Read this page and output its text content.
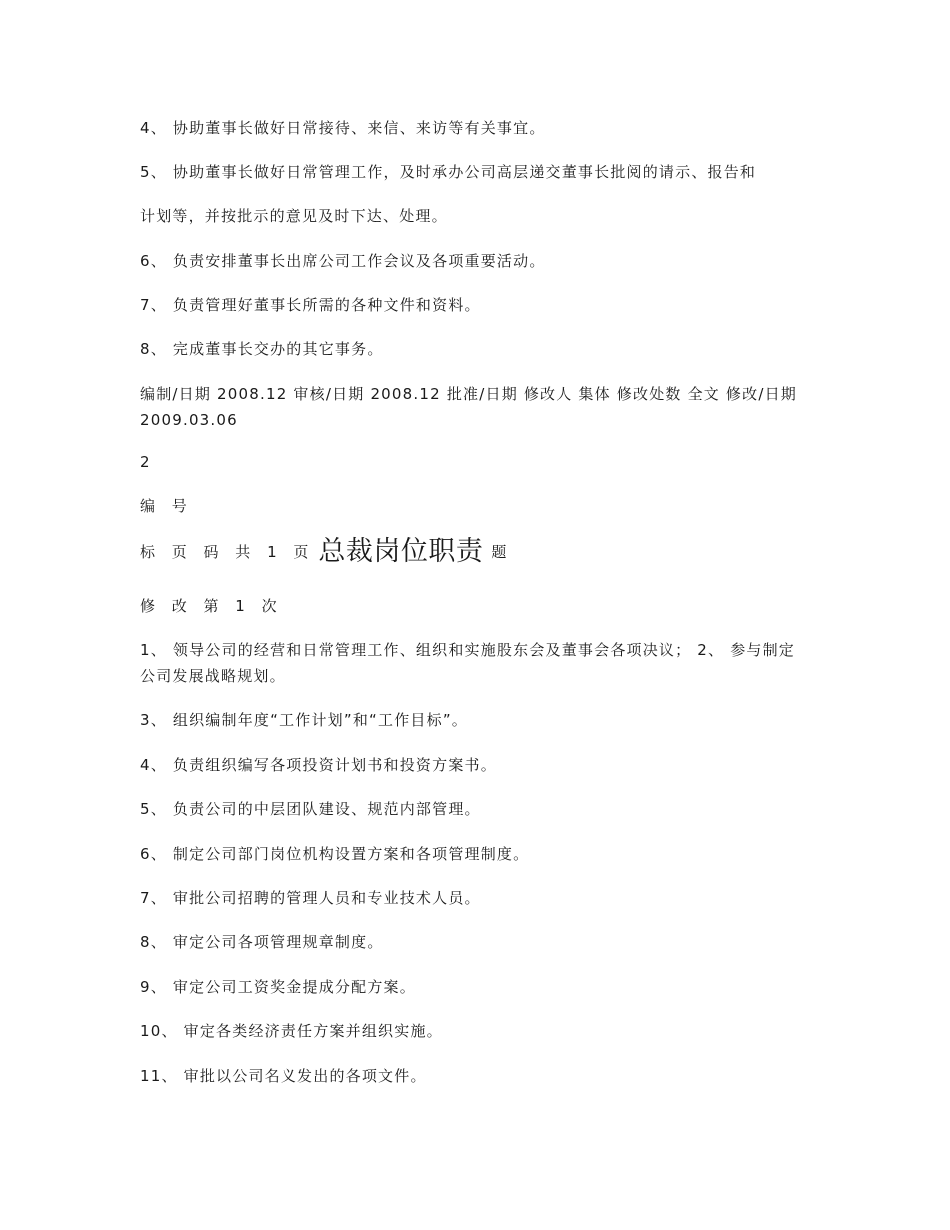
4、 协助董事长做好日常接待、来信、来访等有关事宜。
5、 协助董事长做好日常管理工作，及时承办公司高层递交董事长批阅的请示、报告和
计划等，并按批示的意见及时下达、处理。
6、 负责安排董事长出席公司工作会议及各项重要活动。
7、 负责管理好董事长所需的各种文件和资料。
8、 完成董事长交办的其它事务。
编制/日期 2008.12 审核/日期 2008.12 批准/日期 修改人 集体 修改处数 全文 修改/日期 2009.03.06
2
编 号
标 页 码 共 1 页 总裁岗位职责 题
修 改 第 1 次
1、 领导公司的经营和日常管理工作、组织和实施股东会及董事会各项决议； 2、 参与制定公司发展战略规划。
3、 组织编制年度“工作计划”和“工作目标”。
4、 负责组织编写各项投资计划书和投资方案书。
5、 负责公司的中层团队建设、规范内部管理。
6、 制定公司部门岗位机构设置方案和各项管理制度。
7、 审批公司招聘的管理人员和专业技术人员。
8、 审定公司各项管理规章制度。
9、 审定公司工资奖金提成分配方案。
10、 审定各类经济责任方案并组织实施。
11、 审批以公司名义发出的各项文件。
